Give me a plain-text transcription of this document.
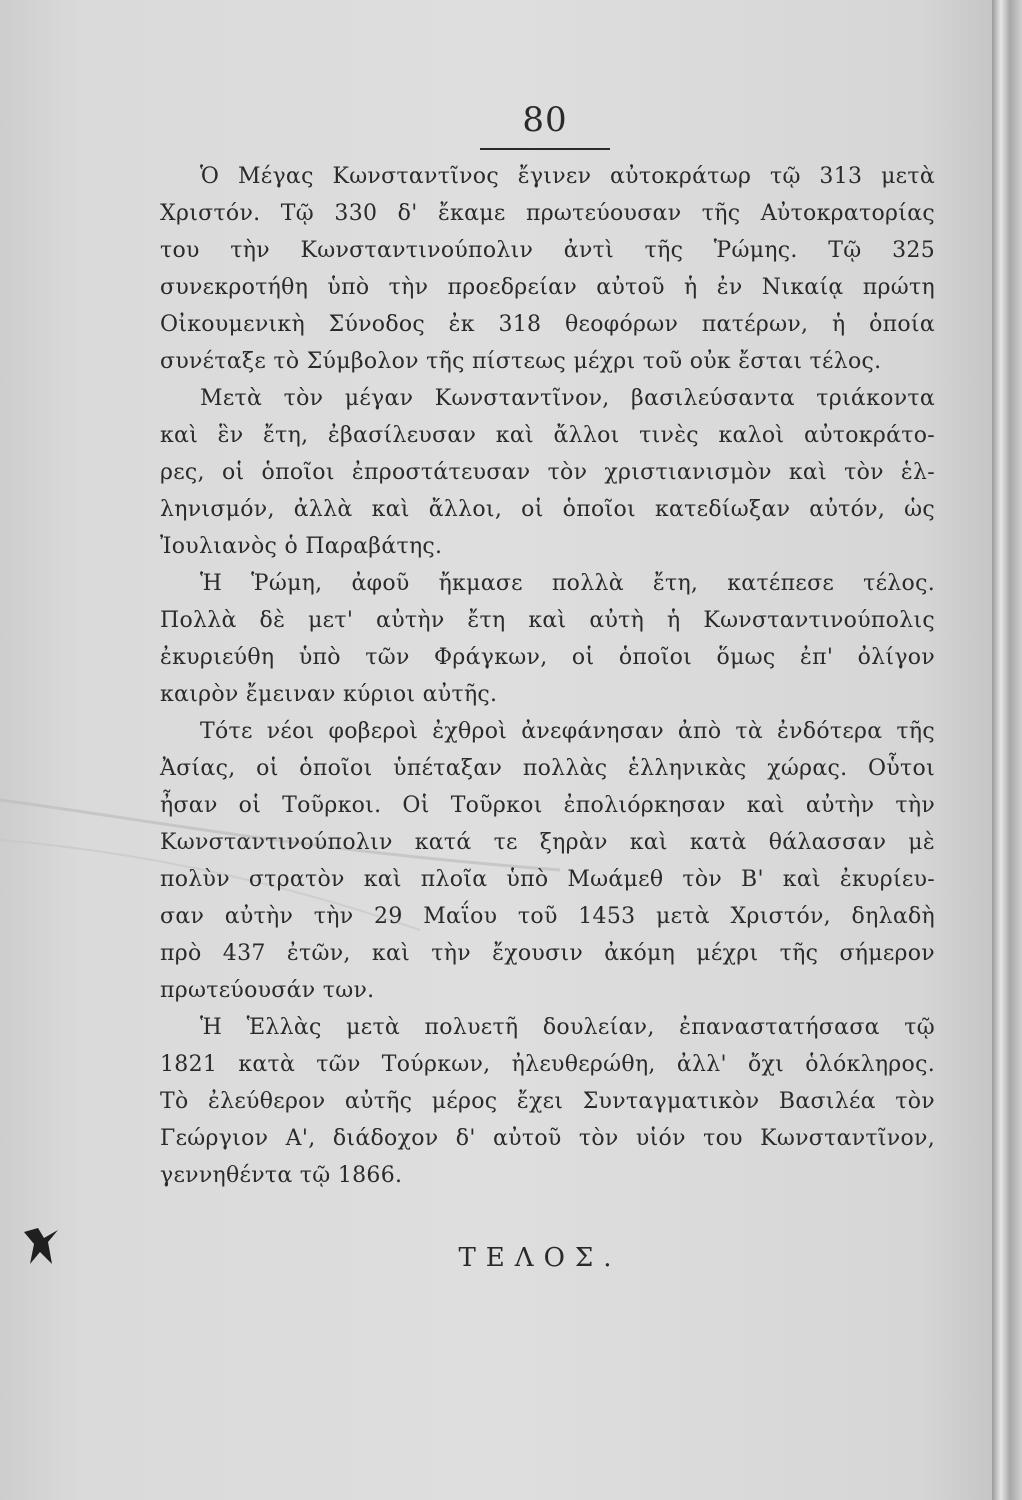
80
Ὁ Μέγας Κωνσταντῖνος ἔγινεν αὐτοκράτωρ τῷ 313 μετὰ
Χριστόν. Τῷ 330 δ' ἔκαμε πρωτεύουσαν τῆς Αὐτοκρατορίας
του τὴν Κωνσταντινούπολιν ἀντὶ τῆς Ῥώμης. Τῷ 325
συνεκροτήθη ὑπὸ τὴν προεδρείαν αὐτοῦ ἡ ἐν Νικαίᾳ πρώτη
Οἰκουμενικὴ Σύνοδος ἐκ 318 θεοφόρων πατέρων, ἡ ὁποία
συνέταξε τὸ Σύμβολον τῆς πίστεως μέχρι τοῦ οὐκ ἔσται τέλος.
Μετὰ τὸν μέγαν Κωνσταντῖνον, βασιλεύσαντα τριάκοντα
καὶ ἓν ἔτη, ἐβασίλευσαν καὶ ἄλλοι τινὲς καλοὶ αὐτοκράτο-
ρες, οἱ ὁποῖοι ἐπροστάτευσαν τὸν χριστιανισμὸν καὶ τὸν ἑλ-
ληνισμόν, ἀλλὰ καὶ ἄλλοι, οἱ ὁποῖοι κατεδίωξαν αὐτόν, ὡς
Ἰουλιανὸς ὁ Παραβάτης.
Ἡ Ῥώμη, ἀφοῦ ἤκμασε πολλὰ ἔτη, κατέπεσε τέλος.
Πολλὰ δὲ μετ' αὐτὴν ἔτη καὶ αὐτὴ ἡ Κωνσταντινούπολις
ἐκυριεύθη ὑπὸ τῶν Φράγκων, οἱ ὁποῖοι ὅμως ἐπ' ὀλίγον
καιρὸν ἔμειναν κύριοι αὐτῆς.
Τότε νέοι φοβεροὶ ἐχθροὶ ἀνεφάνησαν ἀπὸ τὰ ἐνδότερα τῆς
Ἀσίας, οἱ ὁποῖοι ὑπέταξαν πολλὰς ἑλληνικὰς χώρας. Οὗτοι
ἦσαν οἱ Τοῦρκοι. Οἱ Τοῦρκοι ἐπολιόρκησαν καὶ αὐτὴν τὴν
Κωνσταντινούπολιν κατά τε ξηρὰν καὶ κατὰ θάλασσαν μὲ
πολὺν στρατὸν καὶ πλοῖα ὑπὸ Μωάμεθ τὸν Β' καὶ ἐκυρίευ-
σαν αὐτὴν τὴν 29 Μαΐου τοῦ 1453 μετὰ Χριστόν, δηλαδὴ
πρὸ 437 ἐτῶν, καὶ τὴν ἔχουσιν ἀκόμη μέχρι τῆς σήμερον
πρωτεύουσάν των.
Ἡ Ἑλλὰς μετὰ πολυετῆ δουλείαν, ἐπαναστατήσασα τῷ
1821 κατὰ τῶν Τούρκων, ἠλευθερώθη, ἀλλ' ὄχι ὁλόκληρος.
Τὸ ἐλεύθερον αὐτῆς μέρος ἔχει Συνταγματικὸν Βασιλέα τὸν
Γεώργιον Α', διάδοχον δ' αὐτοῦ τὸν υἱόν του Κωνσταντῖνον,
γεννηθέντα τῷ 1866.
ΤΕΛΟΣ.
